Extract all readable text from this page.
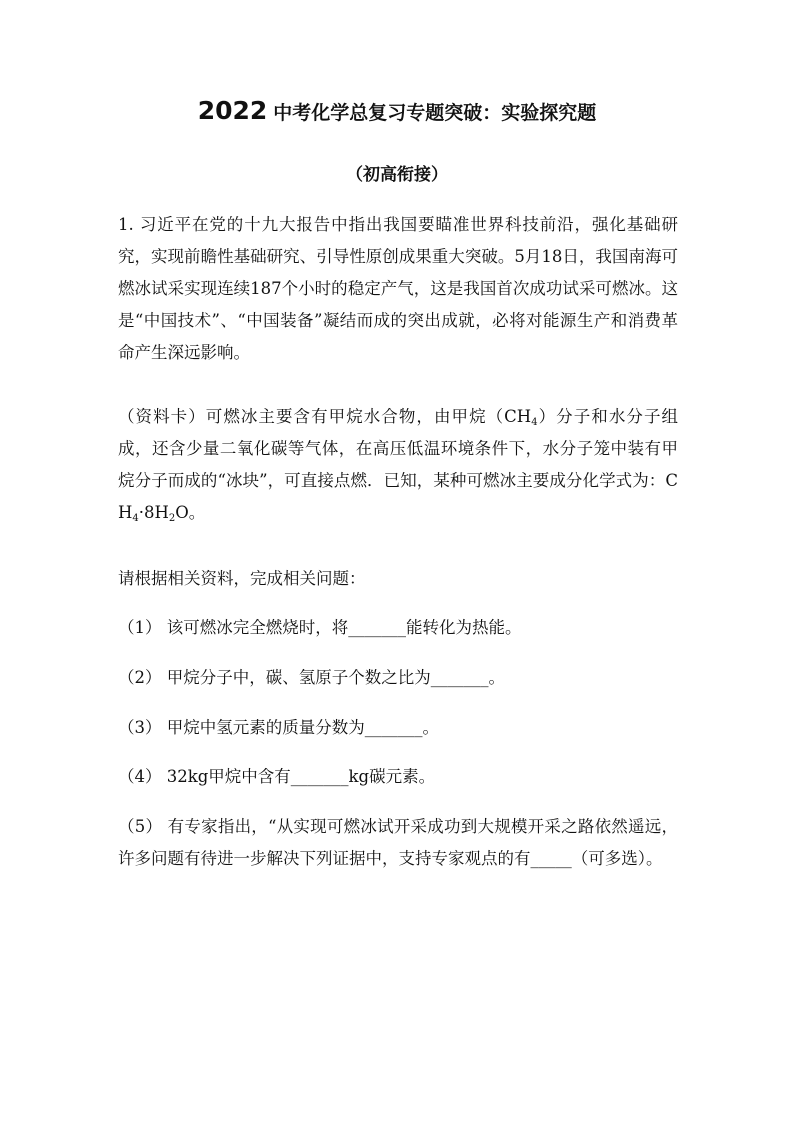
2022 中考化学总复习专题突破：实验探究题
（初高衔接）

1. 习近平在党的十九大报告中指出我国要瞄准世界科技前沿，强化基础研究，实现前瞻性基础研究、引导性原创成果重大突破。5月18日，我国南海可燃冰试采实现连续187个小时的稳定产气，这是我国首次成功试采可燃冰。这是“中国技术”、“中国装备”凝结而成的突出成就，必将对能源生产和消费革命产生深远影响。

（资料卡）可燃冰主要含有甲烷水合物，由甲烷$(CH_4)$分子和水分子组成，还含少量二氧化碳等气体，在高压低温环境条件下，水分子笼中装有甲烷分子而成的“冰块”，可直接点燃．已知，某种可燃冰主要成分化学式为：$CH_4\cdot 8H_2O$。

请根据相关资料，完成相关问题：

（1） 该可燃冰完全燃烧时，将_______能转化为热能。

（2） 甲烷分子中，碳、氢原子个数之比为_______。

（3） 甲烷中氢元素的质量分数为_______。

（4） 32kg甲烷中含有_______kg碳元素。

（5） 有专家指出，“从实现可燃冰试开采成功到大规模开采之路依然遥远，许多问题有待进一步解决下列证据中，支持专家观点的有_____（可多选）。
